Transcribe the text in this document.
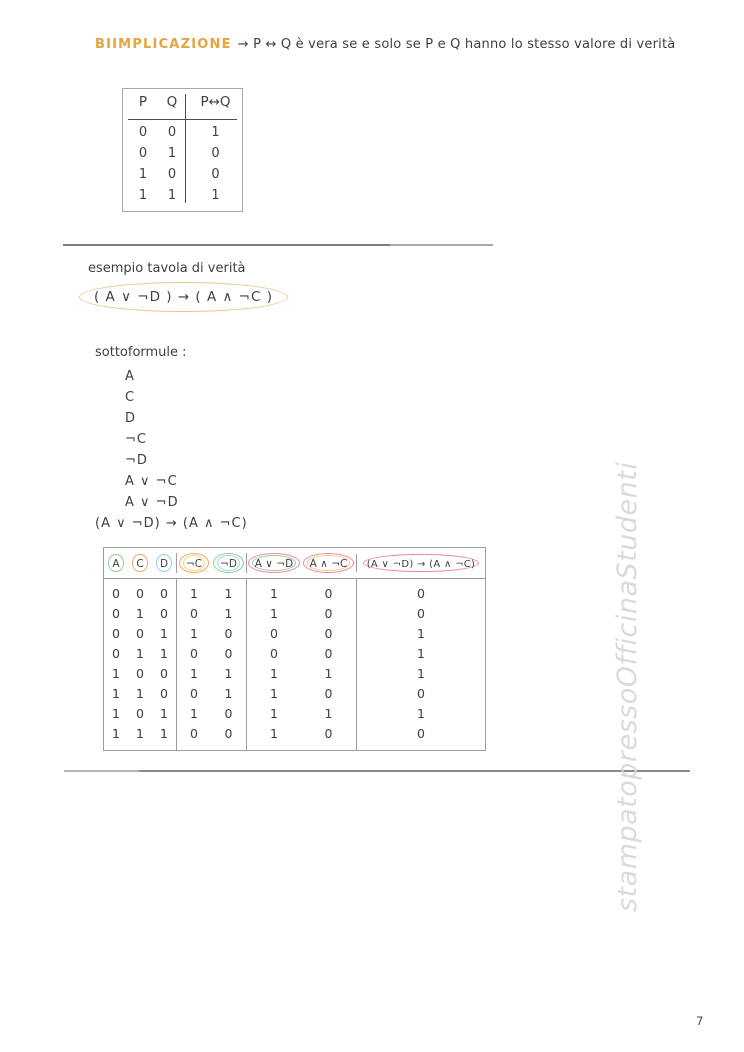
BIIMPLICAZIONE → P ↔ Q è vera se e solo se P e Q hanno lo stesso valore di verità
P	Q	P↔Q
0	0	1
0	1	0
1	0	0
1	1	1
esempio tavola di verità
( A ∨ ¬D ) → ( A ∧ ¬C )
sottoformule :
A
C
D
¬C
¬D
A ∨ ¬C
A ∨ ¬D
(A ∨ ¬D) → (A ∧ ¬C)
A	C	D	¬C	¬D	A ∨ ¬D	A ∧ ¬C	(A ∨ ¬D) → (A ∧ ¬C)
0	0	0	1	1	1	0	0
0	1	0	0	1	1	0	0
0	0	1	1	0	0	0	1
0	1	1	0	0	0	0	1
1	0	0	1	1	1	1	1
1	1	0	0	1	1	0	0
1	0	1	1	0	1	1	1
1	1	1	0	0	1	0	0	stampatopressoOfficinaStudenti
7
